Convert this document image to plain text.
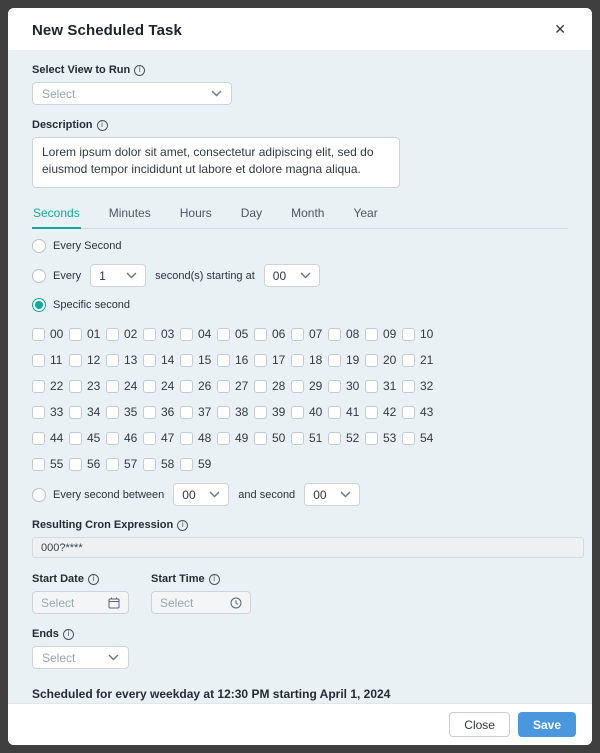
New Scheduled Task	✕
Select View to Run	i
Select
Description	i
Lorem ipsum dolor sit amet, consectetur adipiscing elit, sed do eiusmod tempor incididunt ut labore et dolore magna aliqua.
Seconds Minutes Hours Day Month Year
Every Second
Every 1	second(s) starting at 00
Specific second
00 01 02 03 04 05 06 07 08 09 10
11 12 13 14 15 16 17 18 19 20 21
22 23 24 24 26 27 28 29 30 31 32
33 34 35 36 37 38 39 40 41 42 43
44 45 46 47 48 49 50 51 52 53 54
55 56 57 58 59
Every second between 00	and second 00
Resulting Cron Expression	i
000?****
Start Date	i
Select
Start Time	i
Select
Ends	i
Select
Scheduled for every weekday at 12:30 PM starting April 1, 2024
Close	Save
